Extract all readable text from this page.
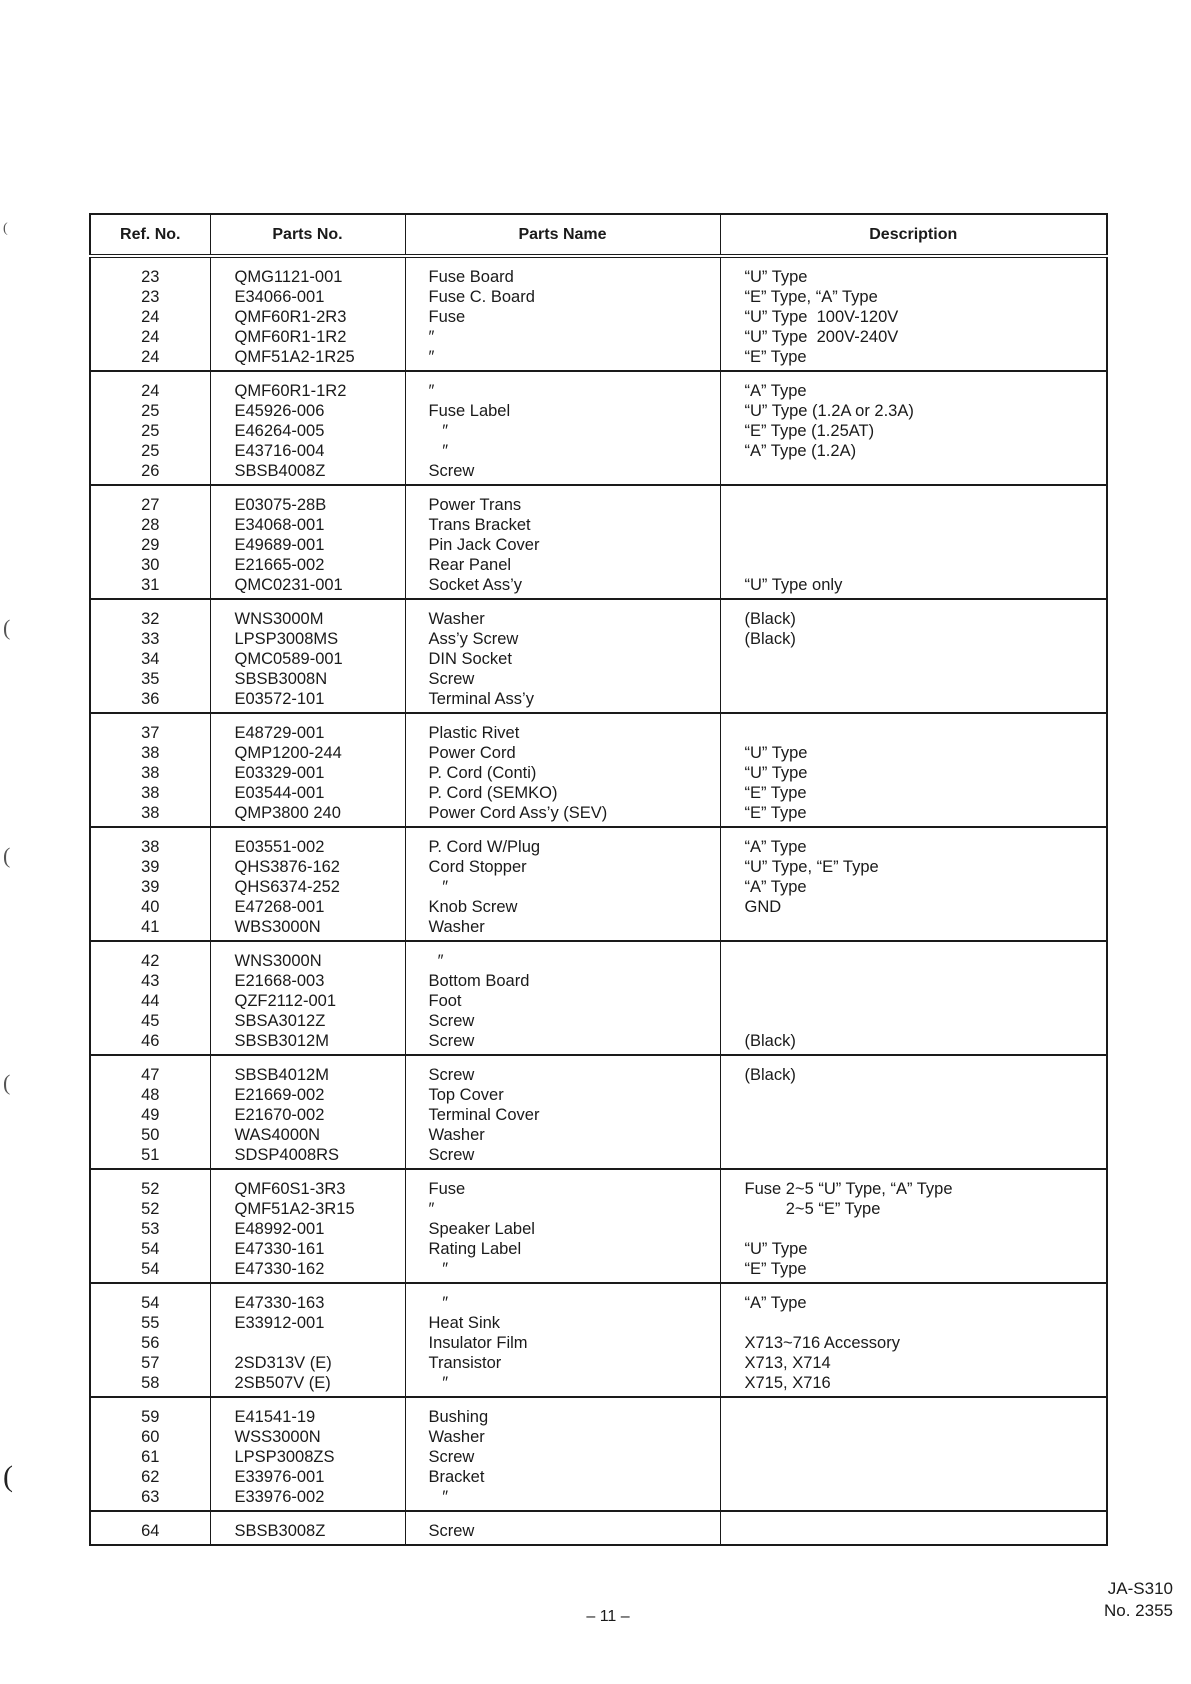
(
(
(
(
(
Ref. No.	Parts No.	Parts Name	Description
23	QMG1121-001	Fuse Board	“U” Type
23	E34066-001	Fuse C. Board	“E” Type, “A” Type
24	QMF60R1-2R3	Fuse	“U” Type  100V-120V
24	QMF60R1-1R2	″	“U” Type  200V-240V
24	QMF51A2-1R25	″	“E” Type
24	QMF60R1-1R2	″	“A” Type
25	E45926-006	Fuse Label	“U” Type (1.2A or 2.3A)
25	E46264-005	″	“E” Type (1.25AT)
25	E43716-004	″	“A” Type (1.2A)
26	SBSB4008Z	Screw	
27	E03075-28B	Power Trans	
28	E34068-001	Trans Bracket	
29	E49689-001	Pin Jack Cover	
30	E21665-002	Rear Panel	
31	QMC0231-001	Socket Ass’y	“U” Type only
32	WNS3000M	Washer	(Black)
33	LPSP3008MS	Ass’y Screw	(Black)
34	QMC0589-001	DIN Socket	
35	SBSB3008N	Screw	
36	E03572-101	Terminal Ass’y	
37	E48729-001	Plastic Rivet	
38	QMP1200-244	Power Cord	“U” Type
38	E03329-001	P. Cord (Conti)	“U” Type
38	E03544-001	P. Cord (SEMKO)	“E” Type
38	QMP3800 240	Power Cord Ass’y (SEV)	“E” Type
38	E03551-002	P. Cord W/Plug	“A” Type
39	QHS3876-162	Cord Stopper	“U” Type, “E” Type
39	QHS6374-252	″	“A” Type
40	E47268-001	Knob Screw	GND
41	WBS3000N	Washer	
42	WNS3000N	″	
43	E21668-003	Bottom Board	
44	QZF2112-001	Foot	
45	SBSA3012Z	Screw	
46	SBSB3012M	Screw	(Black)
47	SBSB4012M	Screw	(Black)
48	E21669-002	Top Cover	
49	E21670-002	Terminal Cover	
50	WAS4000N	Washer	
51	SDSP4008RS	Screw	
52	QMF60S1-3R3	Fuse	Fuse 2~5 “U” Type, “A” Type
52	QMF51A2-3R15	″	2~5 “E” Type
53	E48992-001	Speaker Label	
54	E47330-161	Rating Label	“U” Type
54	E47330-162	″	“E” Type
54	E47330-163	″	“A” Type
55	E33912-001	Heat Sink	
56		Insulator Film	X713~716 Accessory
57	2SD313V (E)	Transistor	X713, X714
58	2SB507V (E)	″	X715, X716
59	E41541-19	Bushing	
60	WSS3000N	Washer	
61	LPSP3008ZS	Screw	
62	E33976-001	Bracket	
63	E33976-002	″	
64	SBSB3008Z	Screw	
– 11 –
JA-S310
No. 2355
